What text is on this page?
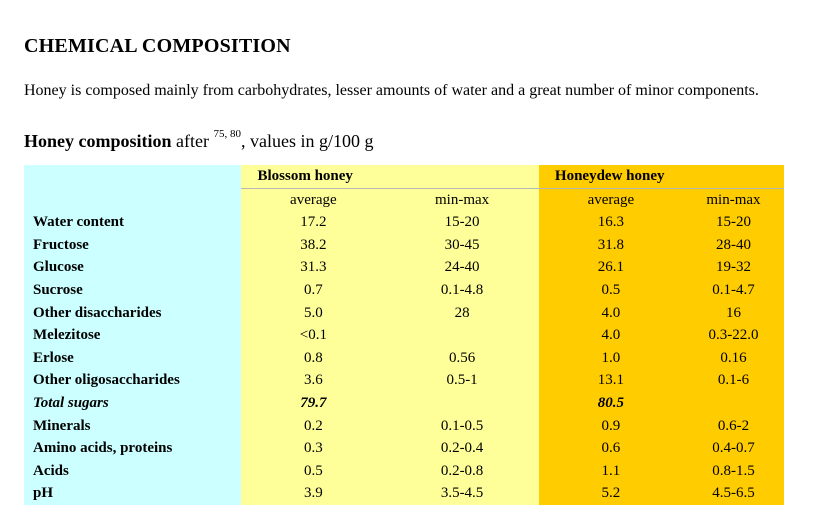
CHEMICAL COMPOSITION
Honey is composed mainly from carbohydrates, lesser amounts of water and a great number of minor components.
Honey composition after $^{75, 80}$, values in g/100 g
	Blossom honey		Honeydew honey	
	average	min-max	average	min-max
Water content	17.2	15-20	16.3	15-20
Fructose	38.2	30-45	31.8	28-40
Glucose	31.3	24-40	26.1	19-32
Sucrose	0.7	0.1-4.8	0.5	0.1-4.7
Other disaccharides	5.0	28	4.0	16
Melezitose	<0.1		4.0	0.3-22.0
Erlose	0.8	0.56	1.0	0.16
Other oligosaccharides	3.6	0.5-1	13.1	0.1-6
Total sugars	79.7		80.5	
Minerals	0.2	0.1-0.5	0.9	0.6-2
Amino acids, proteins	0.3	0.2-0.4	0.6	0.4-0.7
Acids	0.5	0.2-0.8	1.1	0.8-1.5
pH	3.9	3.5-4.5	5.2	4.5-6.5
